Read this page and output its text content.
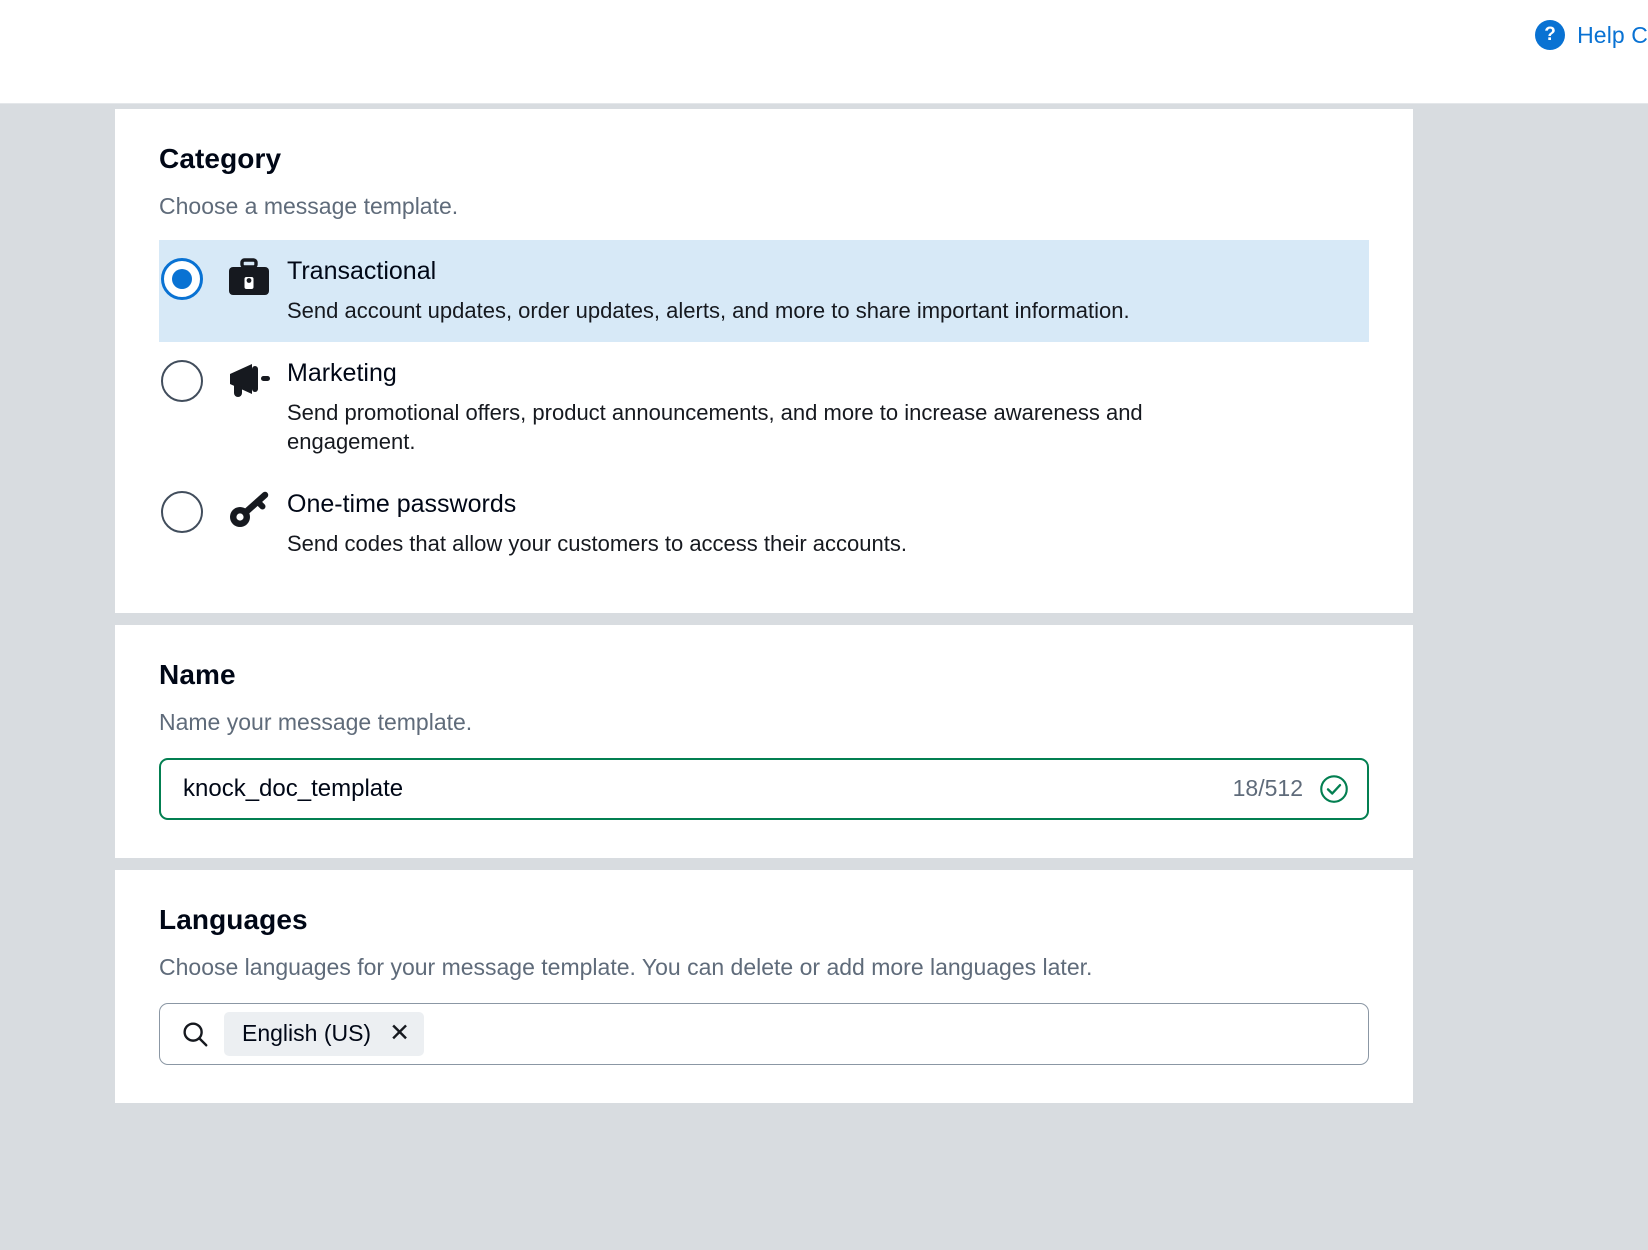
? Help C
Category
Choose a message template.
Transactional
Send account updates, order updates, alerts, and more to share important information.
Marketing
Send promotional offers, product announcements, and more to increase awareness and engagement.
One-time passwords
Send codes that allow your customers to access their accounts.
Name
Name your message template.
knock_doc_template	18/512
Languages
Choose languages for your message template. You can delete or add more languages later.
English (US) ✕
